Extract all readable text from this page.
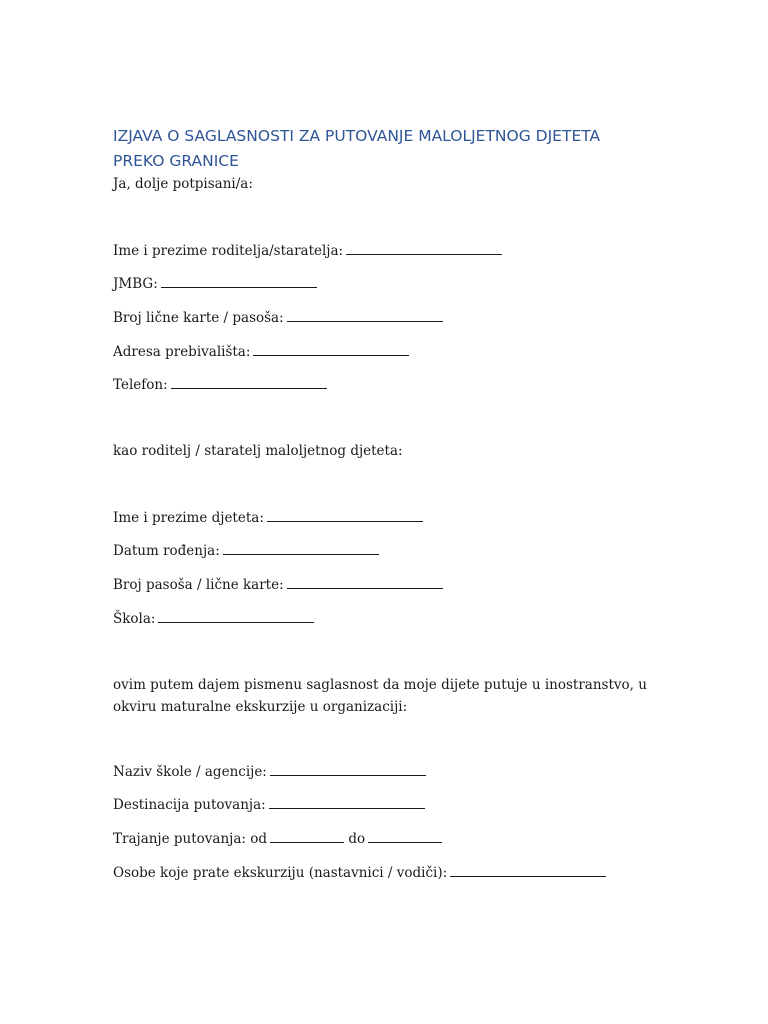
IZJAVA O SAGLASNOSTI ZA PUTOVANJE MALOLJETNOG DJETETA PREKO GRANICE

Ja, dolje potpisani/a:

Ime i prezime roditelja/staratelja:

JMBG:

Broj lične karte / pasoša:

Adresa prebivališta:

Telefon:

kao roditelj / staratelj maloljetnog djeteta:

Ime i prezime djeteta:

Datum rođenja:

Broj pasoša / lične karte:

Škola:

ovim putem dajem pismenu saglasnost da moje dijete putuje u inostranstvo, u okviru maturalne ekskurzije u organizaciji:

Naziv škole / agencije:

Destinacija putovanja:

Trajanje putovanja: od	do

Osobe koje prate ekskurziju (nastavnici / vodiči):
